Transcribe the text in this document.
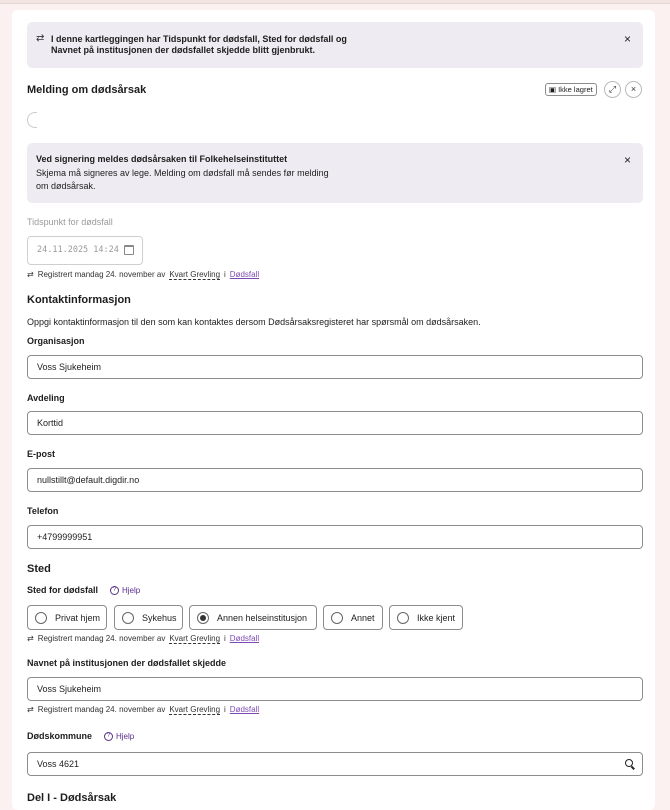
⇄ I denne kartleggingen har Tidspunkt for dødsfall, Sted for dødsfall og
Navnet på institusjonen der dødsfallet skjedde blitt gjenbrukt.
×
Melding om dødsårsak	▣ Ikke lagret	⤢	×
Ved signering meldes dødsårsaken til Folkehelseinstituttet
Skjema må signeres av lege. Melding om dødsfall må sendes før melding
om dødsårsak.
×
Tidspunkt for dødsfall
24.11.2025 14:24
⇄ Registrert mandag 24. november av Kvart Grevling i Dødsfall
Kontaktinformasjon
Oppgi kontaktinformasjon til den som kan kontaktes dersom Dødsårsaksregisteret har spørsmål om dødsårsaken.
Organisasjon
Voss Sjukeheim
Avdeling
Korttid
E-post
nullstillt@default.digdir.no
Telefon
+4799999951
Sted
Sted for dødsfall	? Hjelp
Privat hjem	Sykehus	Annen helseinstitusjon	Annet	Ikke kjent
⇄ Registrert mandag 24. november av Kvart Grevling i Dødsfall
Navnet på institusjonen der dødsfallet skjedde
Voss Sjukeheim
⇄ Registrert mandag 24. november av Kvart Grevling i Dødsfall
Dødskommune	? Hjelp
Voss 4621
Del I - Dødsårsak
